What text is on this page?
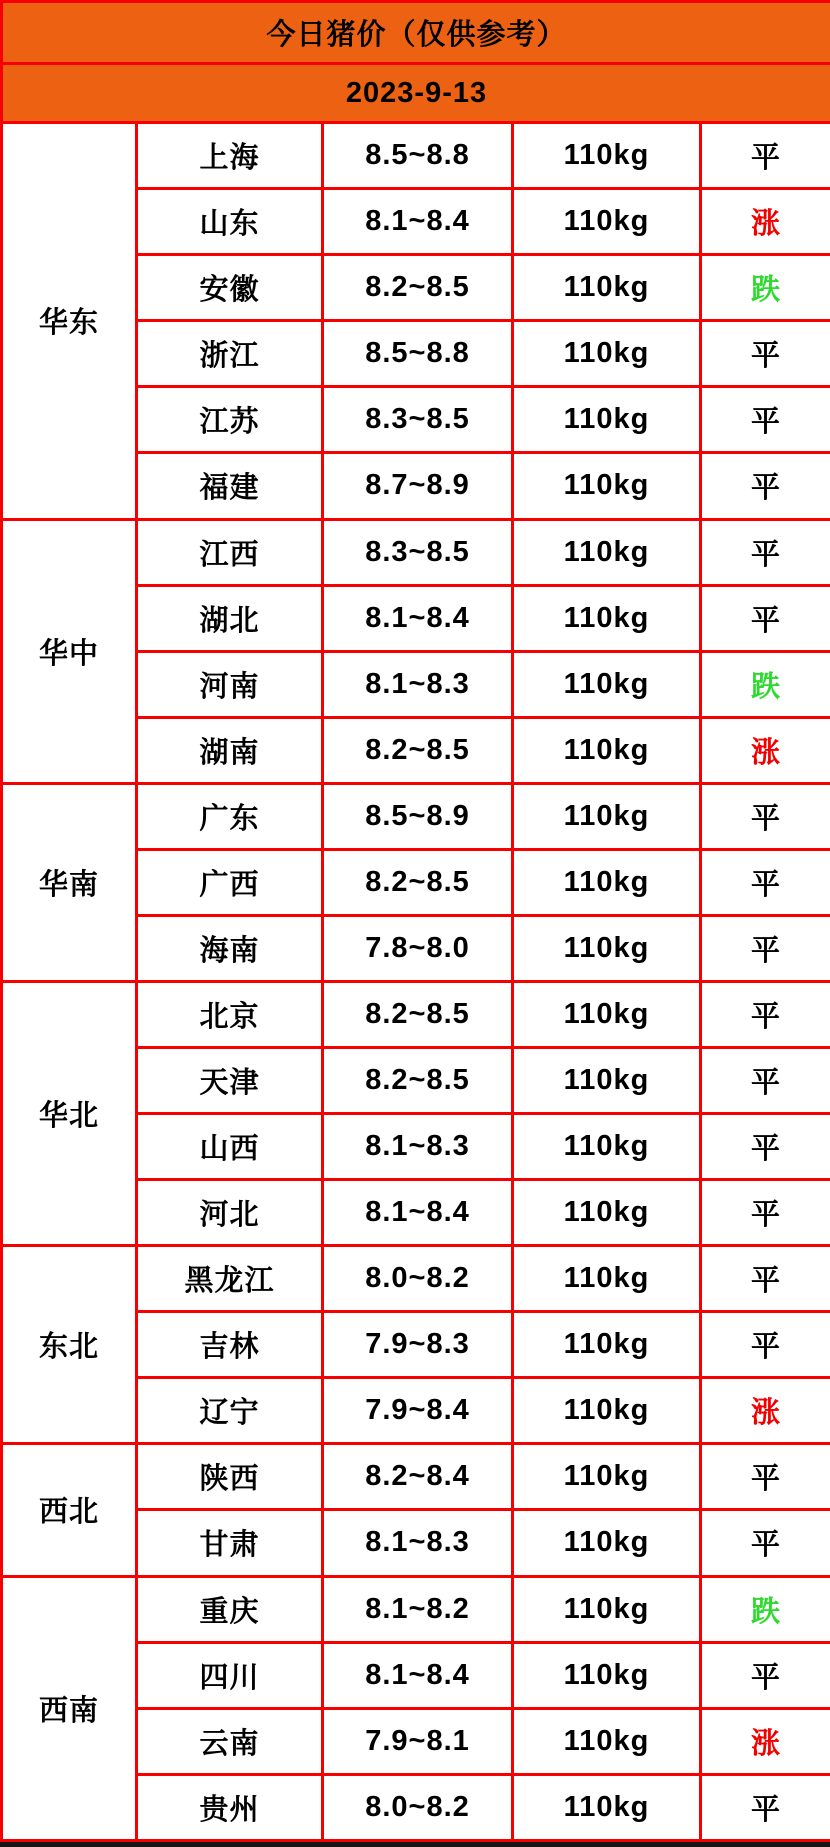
今日猪价（仅供参考）				
2023-9-13				
华东	上海	8.5~8.8	110kg	平
	山东	8.1~8.4	110kg	涨
	安徽	8.2~8.5	110kg	跌
	浙江	8.5~8.8	110kg	平
	江苏	8.3~8.5	110kg	平
	福建	8.7~8.9	110kg	平
华中	江西	8.3~8.5	110kg	平
	湖北	8.1~8.4	110kg	平
	河南	8.1~8.3	110kg	跌
	湖南	8.2~8.5	110kg	涨
华南	广东	8.5~8.9	110kg	平
	广西	8.2~8.5	110kg	平
	海南	7.8~8.0	110kg	平
华北	北京	8.2~8.5	110kg	平
	天津	8.2~8.5	110kg	平
	山西	8.1~8.3	110kg	平
	河北	8.1~8.4	110kg	平
东北	黑龙江	8.0~8.2	110kg	平
	吉林	7.9~8.3	110kg	平
	辽宁	7.9~8.4	110kg	涨
西北	陕西	8.2~8.4	110kg	平
	甘肃	8.1~8.3	110kg	平
西南	重庆	8.1~8.2	110kg	跌
	四川	8.1~8.4	110kg	平
	云南	7.9~8.1	110kg	涨
	贵州	8.0~8.2	110kg	平
